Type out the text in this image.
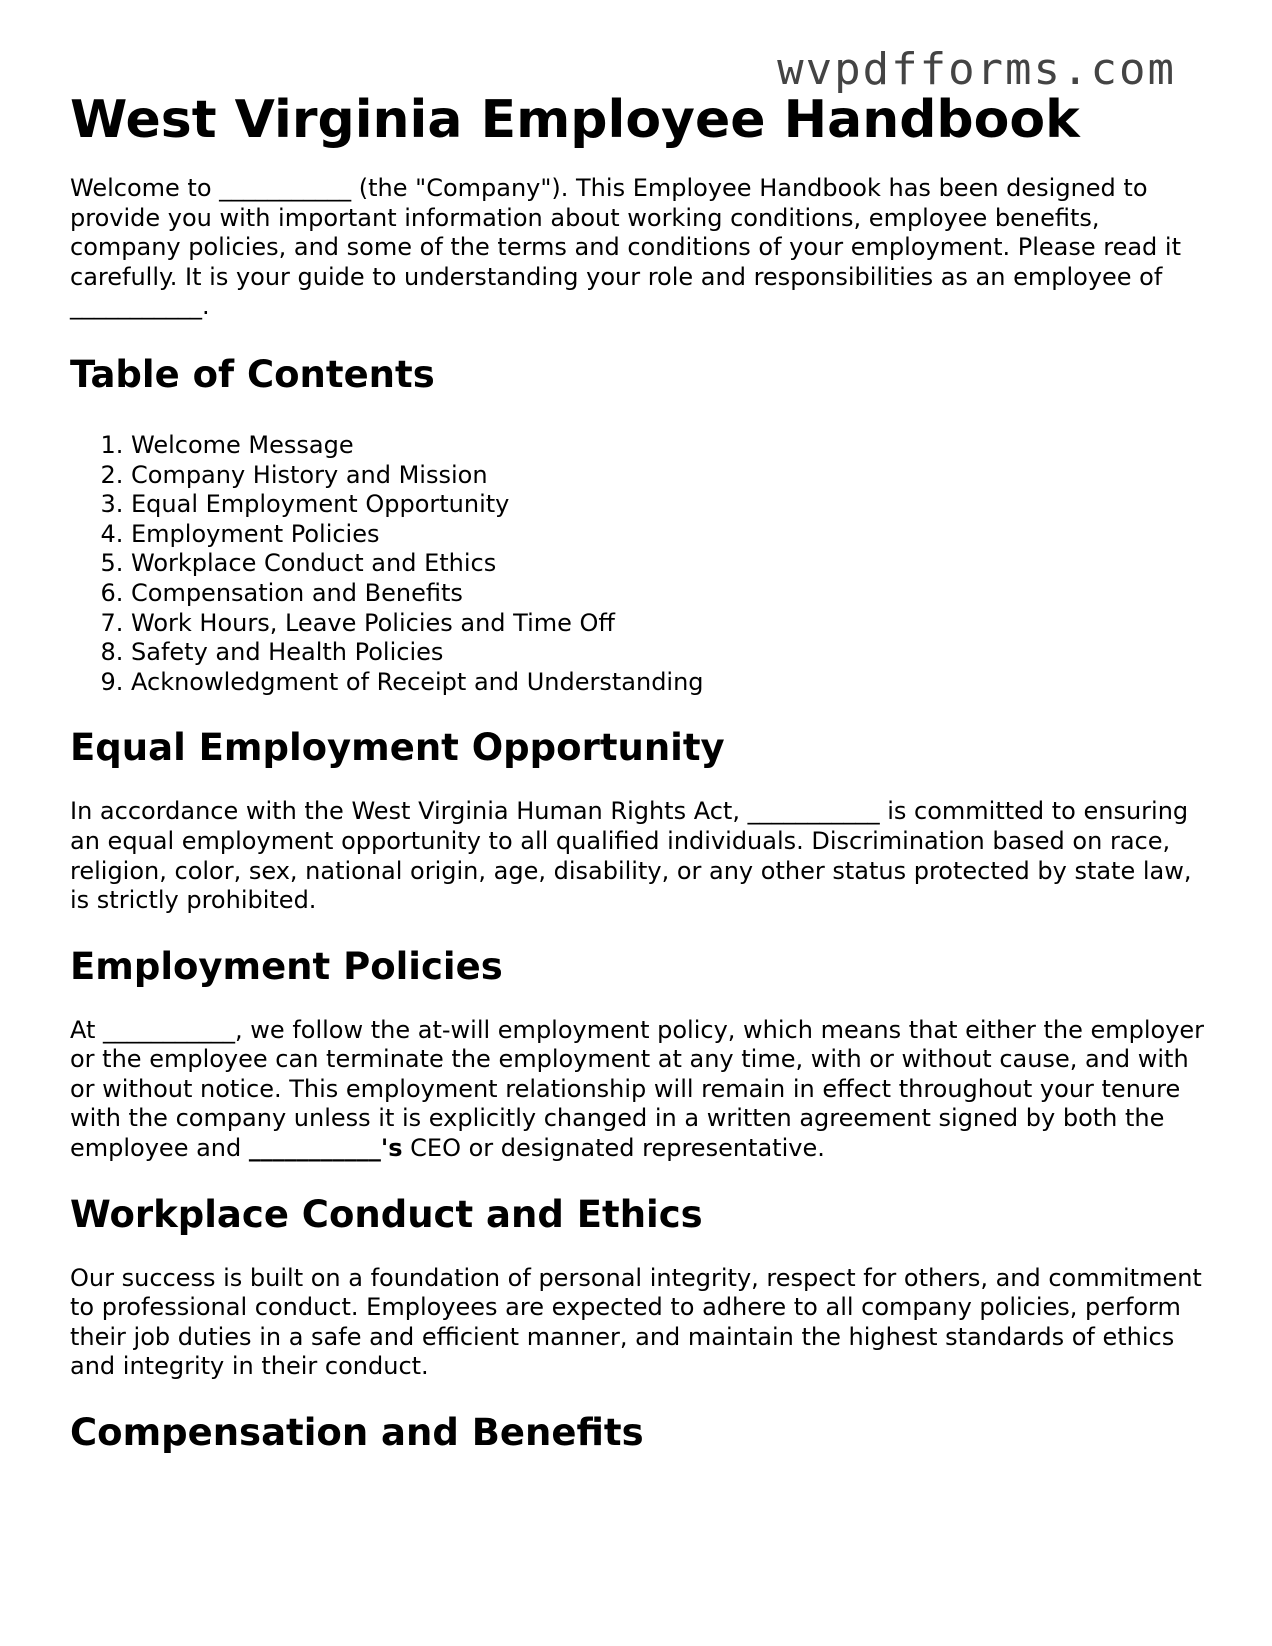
wvpdfforms.com
West Virginia Employee Handbook

Welcome to ___________ (the "Company"). This Employee Handbook has been designed to provide you with important information about working conditions, employee benefits, company policies, and some of the terms and conditions of your employment. Please read it carefully. It is your guide to understanding your role and responsibilities as an employee of ___________.

Table of Contents
1. Welcome Message
2. Company History and Mission
3. Equal Employment Opportunity
4. Employment Policies
5. Workplace Conduct and Ethics
6. Compensation and Benefits
7. Work Hours, Leave Policies and Time Off
8. Safety and Health Policies
9. Acknowledgment of Receipt and Understanding
Equal Employment Opportunity

In accordance with the West Virginia Human Rights Act, ___________ is committed to ensuring an equal employment opportunity to all qualified individuals. Discrimination based on race, religion, color, sex, national origin, age, disability, or any other status protected by state law, is strictly prohibited.

Employment Policies

At ___________, we follow the at-will employment policy, which means that either the employer or the employee can terminate the employment at any time, with or without cause, and with or without notice. This employment relationship will remain in effect throughout your tenure with the company unless it is explicitly changed in a written agreement signed by both the employee and ___________'s CEO or designated representative.

Workplace Conduct and Ethics

Our success is built on a foundation of personal integrity, respect for others, and commitment to professional conduct. Employees are expected to adhere to all company policies, perform their job duties in a safe and efficient manner, and maintain the highest standards of ethics and integrity in their conduct.

Compensation and Benefits
